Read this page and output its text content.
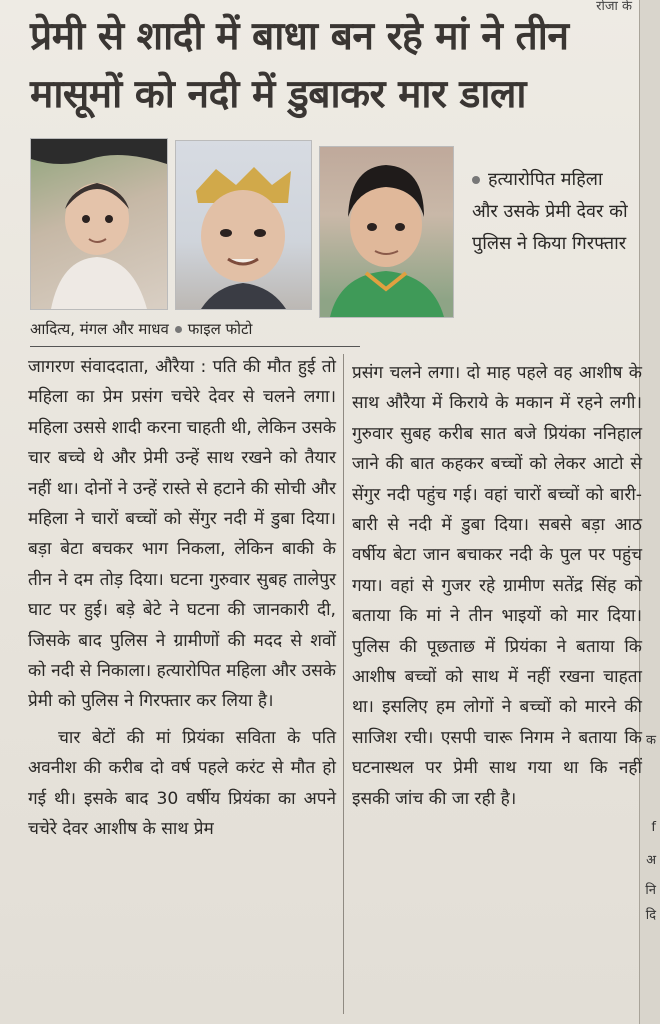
रोजा के
क
f
अ
नि
दि
प्रेमी से शादी में बाधा बन रहे मां ने तीन मासूमों को नदी में डुबाकर मार डाला
हत्यारोपित महिला और उसके प्रेमी देवर को पुलिस ने किया गिरफ्तार
आदित्य, मंगल और माधव फाइल फोटो

जागरण संवाददाता, औरैया : पति की मौत हुई तो महिला का प्रेम प्रसंग चचेरे देवर से चलने लगा। महिला उससे शादी करना चाहती थी, लेकिन उसके चार बच्चे थे और प्रेमी उन्हें साथ रखने को तैयार नहीं था। दोनों ने उन्हें रास्ते से हटाने की सोची और महिला ने चारों बच्चों को सेंगुर नदी में डुबा दिया। बड़ा बेटा बचकर भाग निकला, लेकिन बाकी के तीन ने दम तोड़ दिया। घटना गुरुवार सुबह तालेपुर घाट पर हुई। बड़े बेटे ने घटना की जानकारी दी, जिसके बाद पुलिस ने ग्रामीणों की मदद से शवों को नदी से निकाला। हत्यारोपित महिला और उसके प्रेमी को पुलिस ने गिरफ्तार कर लिया है।

चार बेटों की मां प्रियंका सविता के पति अवनीश की करीब दो वर्ष पहले करंट से मौत हो गई थी। इसके बाद 30 वर्षीय प्रियंका का अपने चचेरे देवर आशीष के साथ प्रेम

प्रसंग चलने लगा। दो माह पहले वह आशीष के साथ औरैया में किराये के मकान में रहने लगी। गुरुवार सुबह करीब सात बजे प्रियंका ननिहाल जाने की बात कहकर बच्चों को लेकर आटो से सेंगुर नदी पहुंच गई। वहां चारों बच्चों को बारी-बारी से नदी में डुबा दिया। सबसे बड़ा आठ वर्षीय बेटा जान बचाकर नदी के पुल पर पहुंच गया। वहां से गुजर रहे ग्रामीण सतेंद्र सिंह को बताया कि मां ने तीन भाइयों को मार दिया। पुलिस की पूछताछ में प्रियंका ने बताया कि आशीष बच्चों को साथ में नहीं रखना चाहता था। इसलिए हम लोगों ने बच्चों को मारने की साजिश रची। एसपी चारू निगम ने बताया कि घटनास्थल पर प्रेमी साथ गया था कि नहीं इसकी जांच की जा रही है।
